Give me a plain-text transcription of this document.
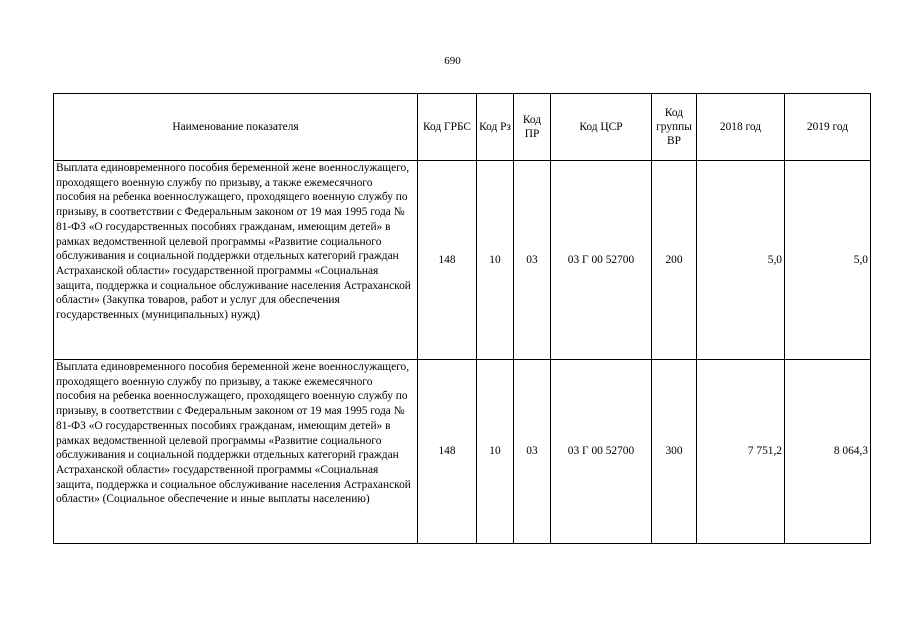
690
Наименование показателя	Код ГРБС	Код Рз	Код ПР	Код ЦСР	Код группы ВР	2018 год	2019 год
Выплата единовременного пособия беременной жене военнослужащего, проходящего военную службу по призыву, а также ежемесячного пособия на ребенка военнослужащего, проходящего военную службу по призыву, в соответствии с Федеральным законом от 19 мая 1995 года № 81-ФЗ «О государственных пособиях гражданам, имеющим детей» в рамках ведомственной целевой программы «Развитие социального обслуживания и социальной поддержки отдельных категорий граждан Астраханской области» государственной программы «Социальная защита, поддержка и социальное обслуживание населения Астраханской области» (Закупка товаров, работ и услуг для обеспечения государственных (муниципальных) нужд)	148	10	03	03 Г 00 52700	200	5,0	5,0
Выплата единовременного пособия беременной жене военнослужащего, проходящего военную службу по призыву, а также ежемесячного пособия на ребенка военнослужащего, проходящего военную службу по призыву, в соответствии с Федеральным законом от 19 мая 1995 года № 81-ФЗ «О государственных пособиях гражданам, имеющим детей» в рамках ведомственной целевой программы «Развитие социального обслуживания и социальной поддержки отдельных категорий граждан Астраханской области» государственной программы «Социальная защита, поддержка и социальное обслуживание населения Астраханской области» (Социальное обеспечение и иные выплаты населению)	148	10	03	03 Г 00 52700	300	7 751,2	8 064,3
